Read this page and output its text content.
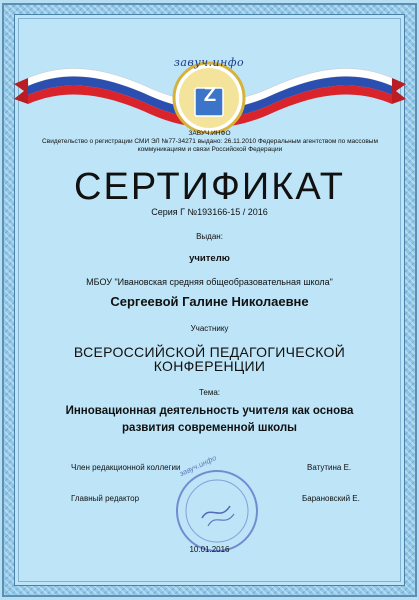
завуч.инфо
Z
ЗАВУЧ.ИНФО
Свидетельство о регистрации СМИ ЭЛ №77-34271 выдано: 26.11.2010 Федеральным агентством по массовым коммуникациям и связи Российской Федерации
СЕРТИФИКАТ
Серия Г №193166-15 / 2016
Выдан:
учителю
МБОУ "Ивановская средняя общеобразовательная школа"
Сергеевой Галине Николаевне
Участнику
ВСЕРОССИЙСКОЙ ПЕДАГОГИЧЕСКОЙ
КОНФЕРЕНЦИИ
Тема:
Инновационная деятельность учителя как основа
развития современной школы
завуч.инфо
Член редакционной коллегии	Ватутина Е.
Главный редактор	Барановский Е.
10.01.2016
